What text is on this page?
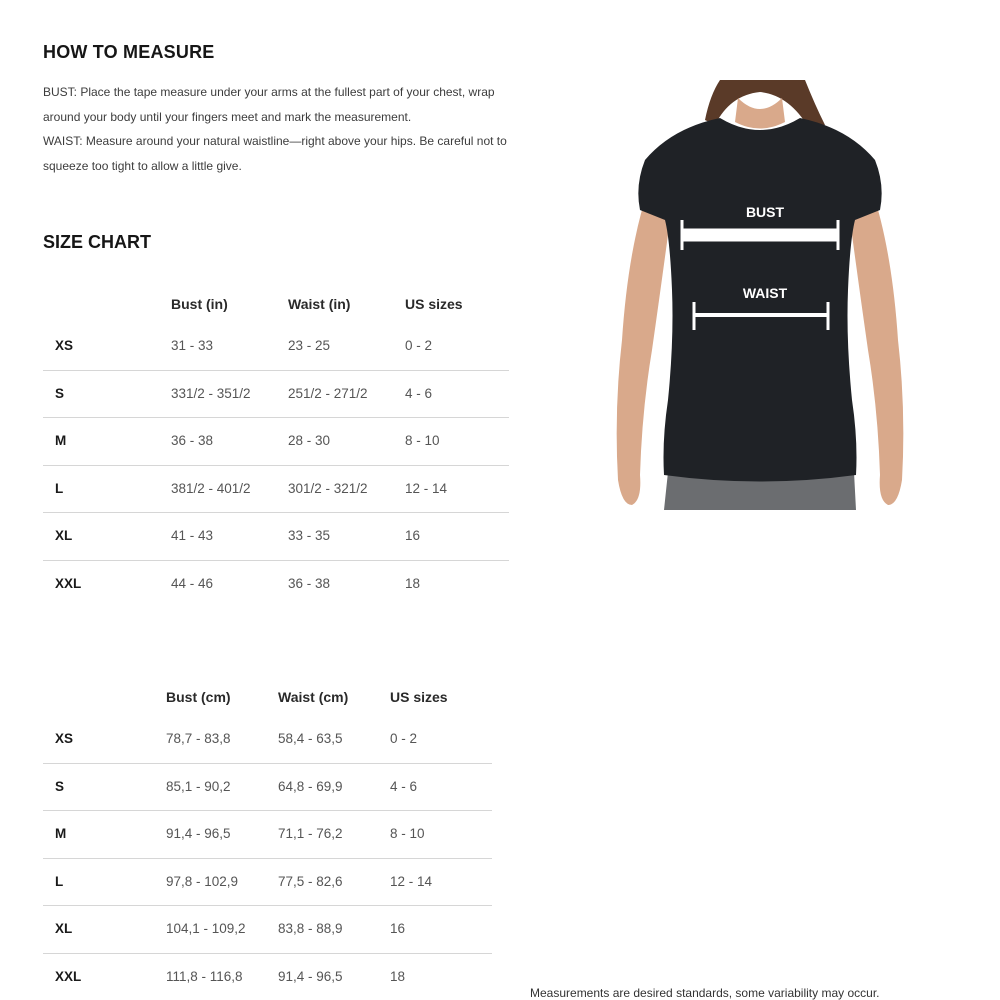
HOW TO MEASURE

BUST: Place the tape measure under your arms at the fullest part of your chest, wrap around your body until your fingers meet and mark the measurement.

WAIST: Measure around your natural waistline—right above your hips. Be careful not to squeeze too tight to allow a little give.

SIZE CHART
	Bust (in)	Waist (in)	US sizes

XS	31 - 33	23 - 25	0 - 2

S	331/2 - 351/2	251/2 - 271/2	4 - 6

M	36 - 38	28 - 30	8 - 10

L	381/2 - 401/2	301/2 - 321/2	12 - 14

XL	41 - 43	33 - 35	16

XXL	44 - 46	36 - 38	18
	Bust (cm)	Waist (cm)	US sizes

XS	78,7 - 83,8	58,4 - 63,5	0 - 2

S	85,1 - 90,2	64,8 - 69,9	4 - 6

M	91,4 - 96,5	71,1 - 76,2	8 - 10

L	97,8 - 102,9	77,5 - 82,6	12 - 14

XL	104,1 - 109,2	83,8 - 88,9	16

XXL	111,8 - 116,8	91,4 - 96,5	18
BUST
WAIST
Measurements are desired standards, some variability may occur.
